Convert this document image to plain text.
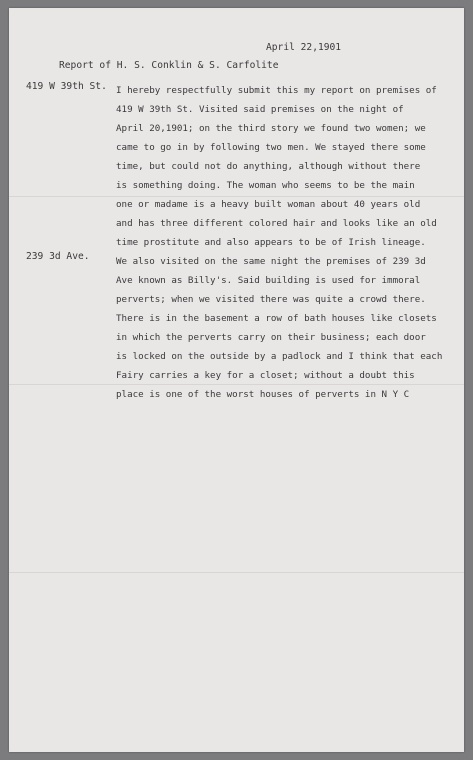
April 22,1901
Report of H. S. Conklin & S. Carfolite
419 W 39th St.
239 3d Ave.
I hereby respectfully submit this my report on premises of
419 W 39th St. Visited said premises on the night of
April 20,1901; on the third story we found two women; we
came to go in by following two men. We stayed there some
time, but could not do anything, although without there
is something doing. The woman who seems to be the main
one or madame is a heavy built woman about 40 years old
and has three different colored hair and looks like an old
time prostitute and also appears to be of Irish lineage.
We also visited on the same night the premises of 239 3d
Ave known as Billy's. Said building is used for immoral
perverts; when we visited there was quite a crowd there.
There is in the basement a row of bath houses like closets
in which the perverts carry on their business; each door
is locked on the outside by a padlock and I think that each
Fairy carries a key for a closet; without a doubt this
place is one of the worst houses of perverts in N Y C
